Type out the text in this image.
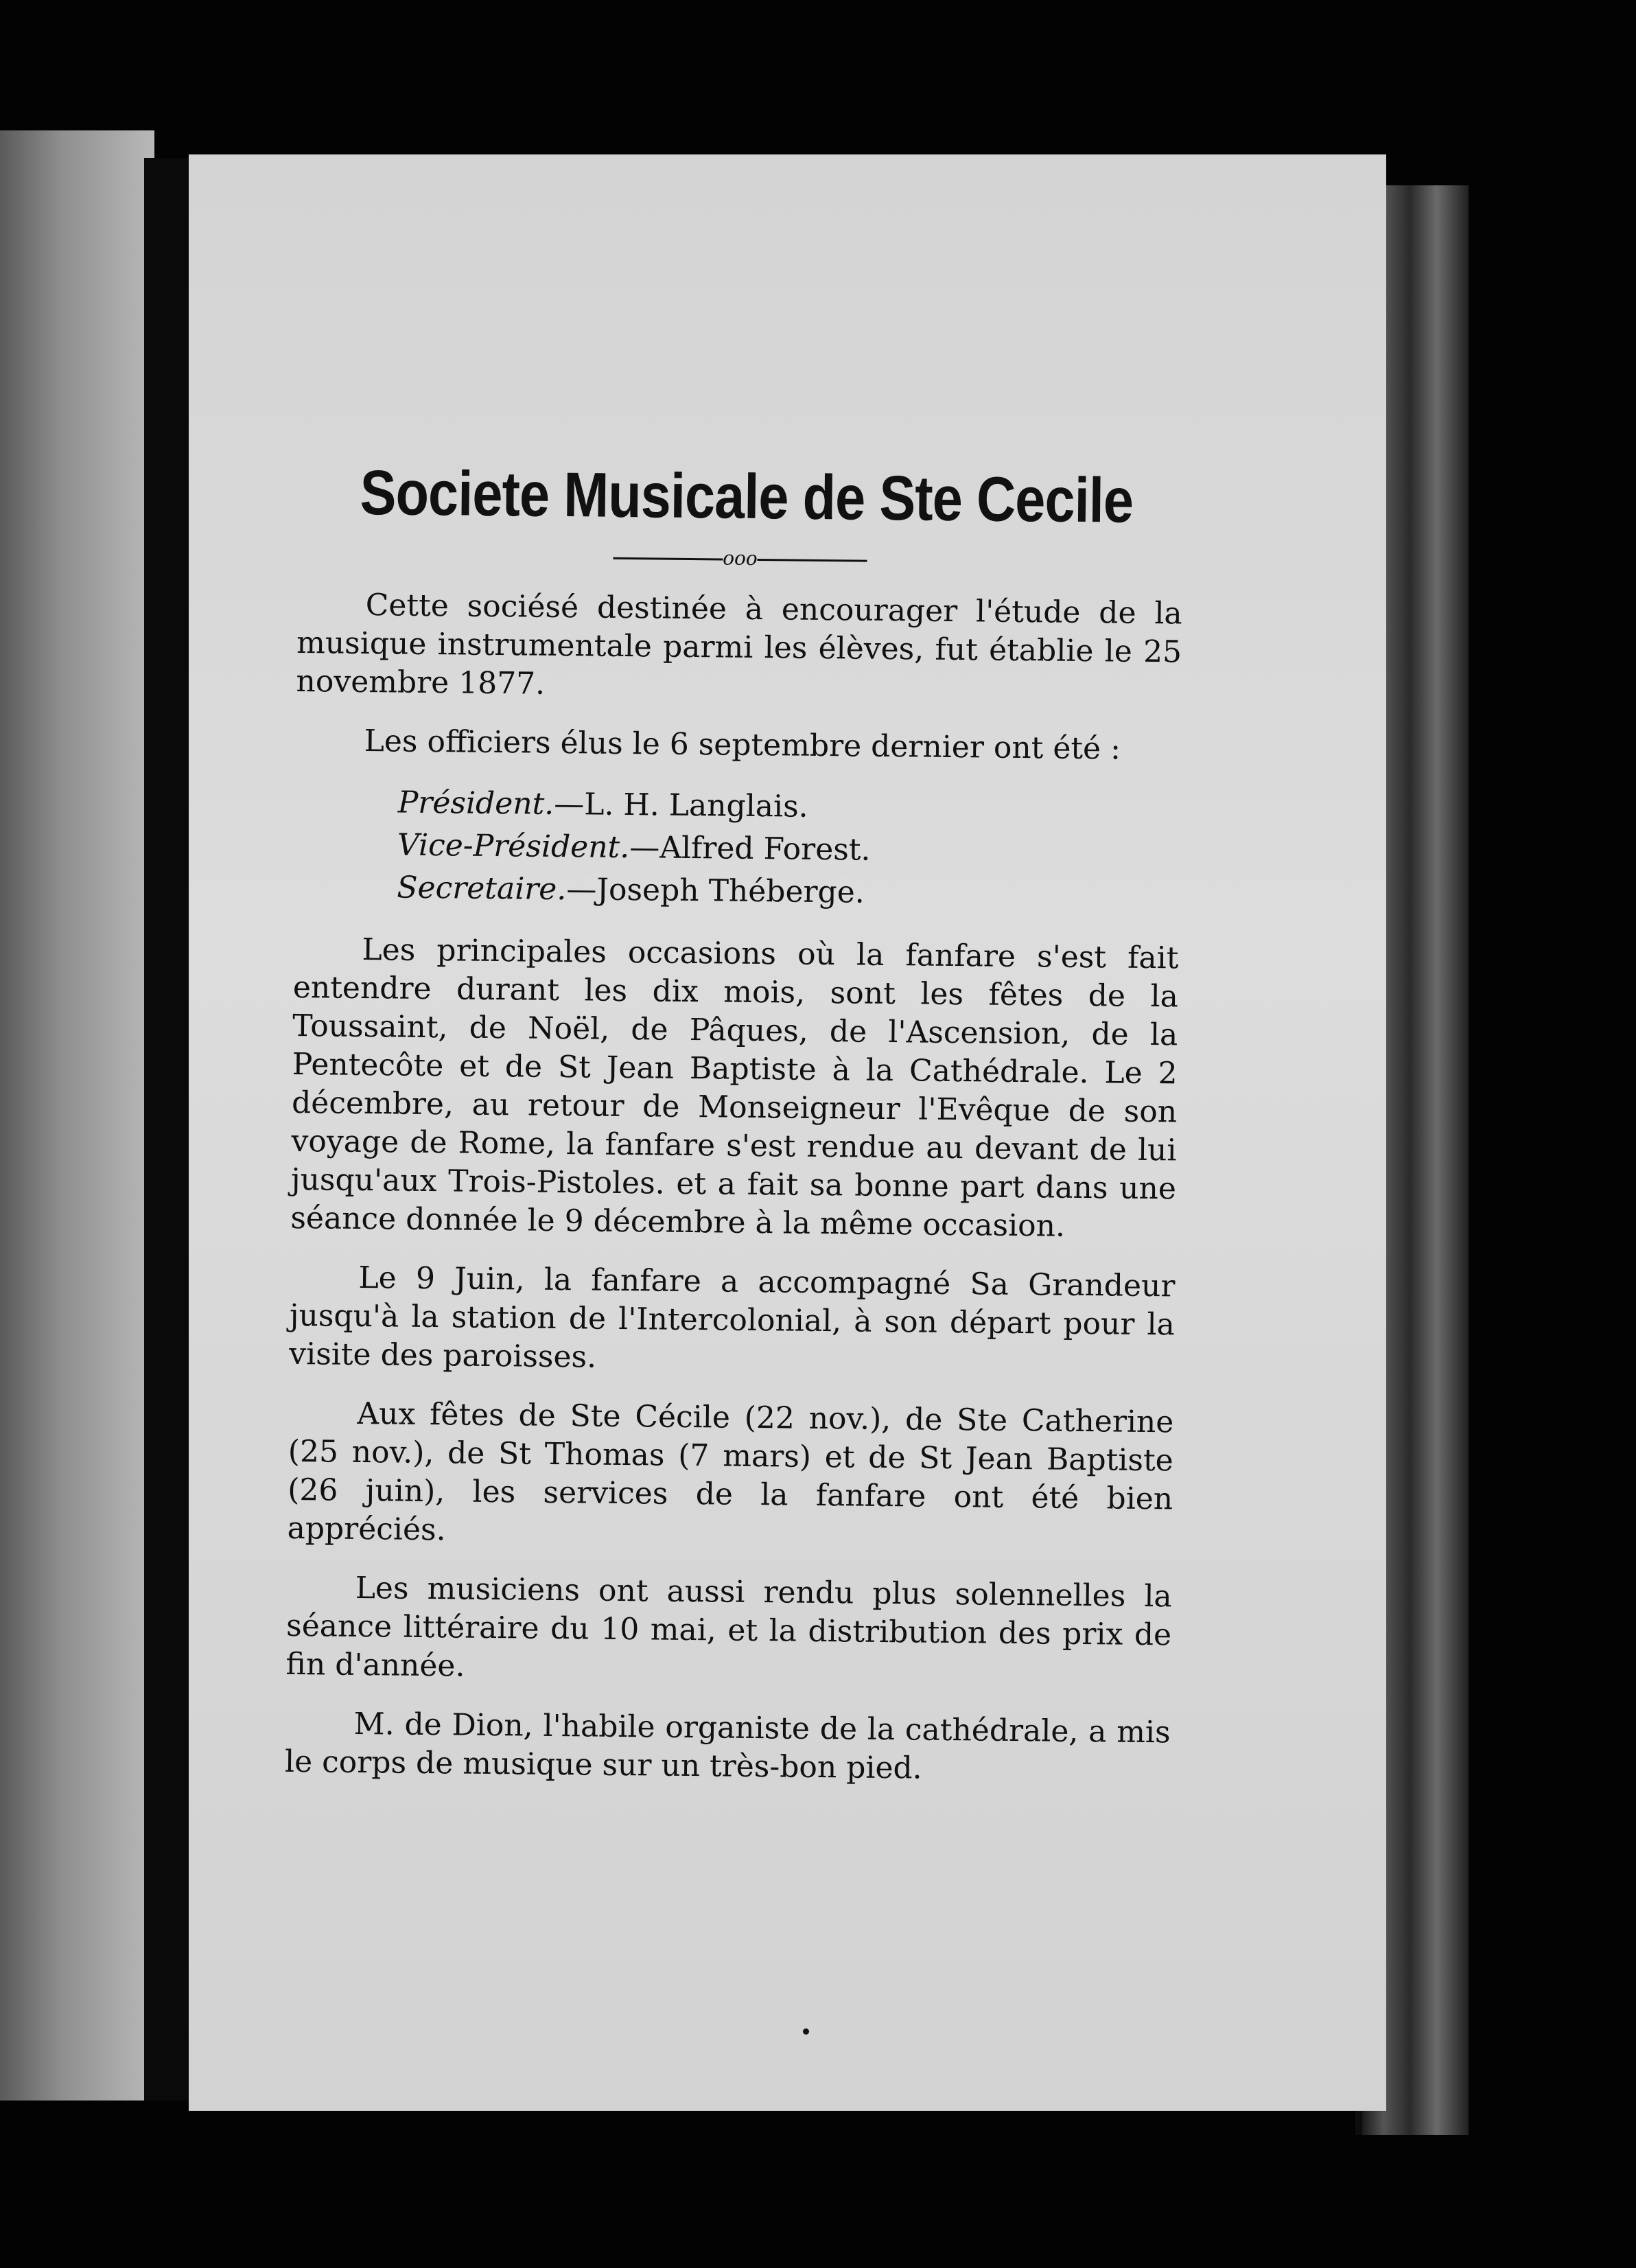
Societe Musicale de Ste Cecile
ooo

Cette sociésé destinée à encourager l'étude de la musique instrumentale parmi les élèves, fut établie le 25 novembre 1877.

Les officiers élus le 6 septembre dernier ont été :

Président.—L. H. Langlais.
Vice-Président.—Alfred Forest.
Secretaire.—Joseph Théberge.

Les principales occasions où la fanfare s'est fait entendre durant les dix mois, sont les fêtes de la Toussaint, de Noël, de Pâques, de l'Ascension, de la Pentecôte et de St Jean Baptiste à la Cathédrale. Le 2 décembre, au retour de Monseigneur l'Evêque de son voyage de Rome, la fanfare s'est rendue au devant de lui jusqu'aux Trois-Pistoles. et a fait sa bonne part dans une séance donnée le 9 décembre à la même occasion.

Le 9 Juin, la fanfare a accompagné Sa Grandeur jusqu'à la station de l'Intercolonial, à son départ pour la visite des paroisses.

Aux fêtes de Ste Cécile (22 nov.), de Ste Catherine (25 nov.), de St Thomas (7 mars) et de St Jean Baptiste (26 juin), les services de la fanfare ont été bien appréciés.

Les musiciens ont aussi rendu plus solennelles la séance littéraire du 10 mai, et la distribution des prix de fin d'année.

M. de Dion, l'habile organiste de la cathédrale, a mis le corps de musique sur un très-bon pied.
